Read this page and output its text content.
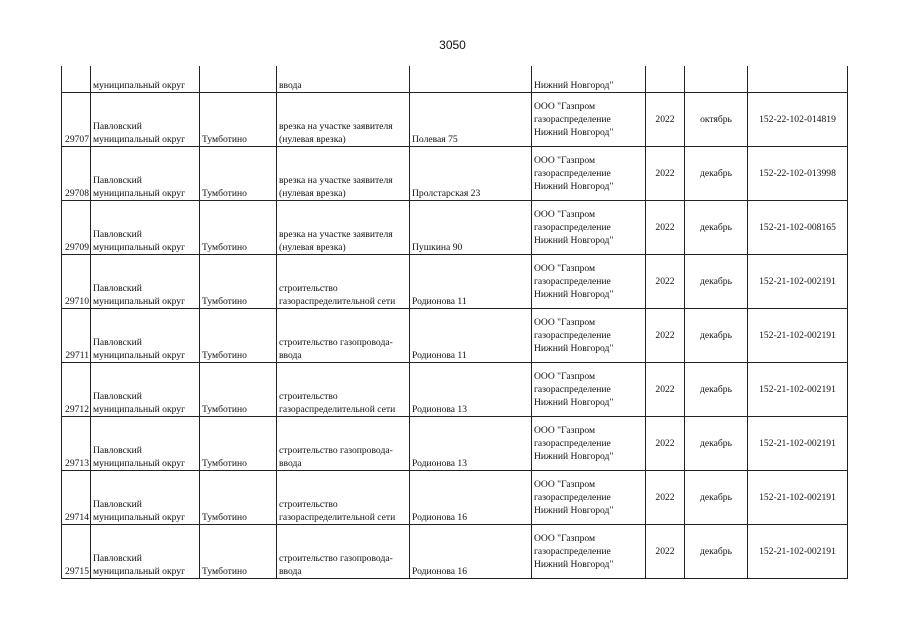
3050

	муниципальный округ		ввода		Нижний Новгород"			

29707	Павловский
муниципальный округ	Тумботино	врезка на участке заявителя
(нулевая врезка)	Полевая 75	ООО "Газпром
газораспределение
Нижний Новгород"	2022	октябрь	152-22-102-014819
29708	Павловский
муниципальный округ	Тумботино	врезка на участке заявителя
(нулевая врезка)	Пролстарская 23	ООО "Газпром
газораспределение
Нижний Новгород"	2022	декабрь	152-22-102-013998
29709	Павловский
муниципальный округ	Тумботино	врезка на участке заявителя
(нулевая врезка)	Пушкина 90	ООО "Газпром
газораспределение
Нижний Новгород"	2022	декабрь	152-21-102-008165
29710	Павловский
муниципальный округ	Тумботино	строительство
газораспределительной сети	Родионова 11	ООО "Газпром
газораспределение
Нижний Новгород"	2022	декабрь	152-21-102-002191
29711	Павловский
муниципальный округ	Тумботино	строительство газопровода-
ввода	Родионова 11	ООО "Газпром
газораспределение
Нижний Новгород"	2022	декабрь	152-21-102-002191
29712	Павловский
муниципальный округ	Тумботино	строительство
газораспределительной сети	Родионова 13	ООО "Газпром
газораспределение
Нижний Новгород"	2022	декабрь	152-21-102-002191
29713	Павловский
муниципальный округ	Тумботино	строительство газопровода-
ввода	Родионова 13	ООО "Газпром
газораспределение
Нижний Новгород"	2022	декабрь	152-21-102-002191
29714	Павловский
муниципальный округ	Тумботино	строительство
газораспределительной сети	Родионова 16	ООО "Газпром
газораспределение
Нижний Новгород"	2022	декабрь	152-21-102-002191
29715	Павловский
муниципальный округ	Тумботино	строительство газопровода-
ввода	Родионова 16	ООО "Газпром
газораспределение
Нижний Новгород"	2022	декабрь	152-21-102-002191
